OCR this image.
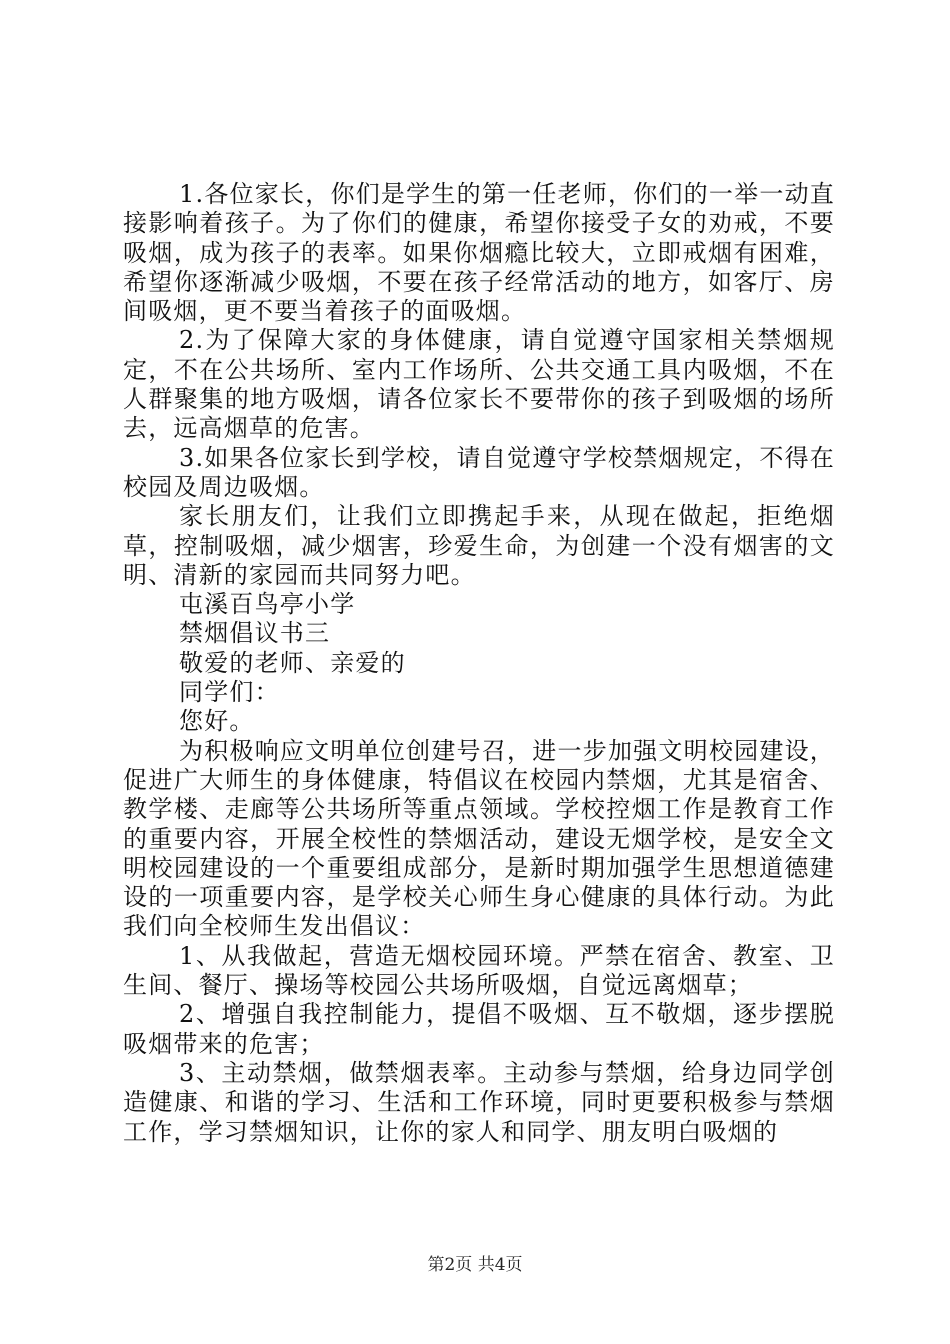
1.各位家长，你们是学生的第一任老师，你们的一举一动直接影响着孩子。为了你们的健康，希望你接受子女的劝戒，不要吸烟，成为孩子的表率。如果你烟瘾比较大，立即戒烟有困难，希望你逐渐减少吸烟，不要在孩子经常活动的地方，如客厅、房间吸烟，更不要当着孩子的面吸烟。

2.为了保障大家的身体健康，请自觉遵守国家相关禁烟规定，不在公共场所、室内工作场所、公共交通工具内吸烟，不在人群聚集的地方吸烟，请各位家长不要带你的孩子到吸烟的场所去，远高烟草的危害。

3.如果各位家长到学校，请自觉遵守学校禁烟规定，不得在校园及周边吸烟。

家长朋友们，让我们立即携起手来，从现在做起，拒绝烟草，控制吸烟，减少烟害，珍爱生命，为创建一个没有烟害的文明、清新的家园而共同努力吧。

屯溪百鸟亭小学

禁烟倡议书三

敬爱的老师、亲爱的

同学们：

您好。

为积极响应文明单位创建号召，进一步加强文明校园建设，促进广大师生的身体健康，特倡议在校园内禁烟，尤其是宿舍、教学楼、走廊等公共场所等重点领域。学校控烟工作是教育工作的重要内容，开展全校性的禁烟活动，建设无烟学校，是安全文明校园建设的一个重要组成部分，是新时期加强学生思想道德建设的一项重要内容，是学校关心师生身心健康的具体行动。为此我们向全校师生发出倡议：

1、从我做起，营造无烟校园环境。严禁在宿舍、教室、卫生间、餐厅、操场等校园公共场所吸烟，自觉远离烟草；

2、增强自我控制能力，提倡不吸烟、互不敬烟，逐步摆脱吸烟带来的危害；

3、主动禁烟，做禁烟表率。主动参与禁烟，给身边同学创造健康、和谐的学习、生活和工作环境，同时更要积极参与禁烟工作，学习禁烟知识，让你的家人和同学、朋友明白吸烟的

第2页 共4页
